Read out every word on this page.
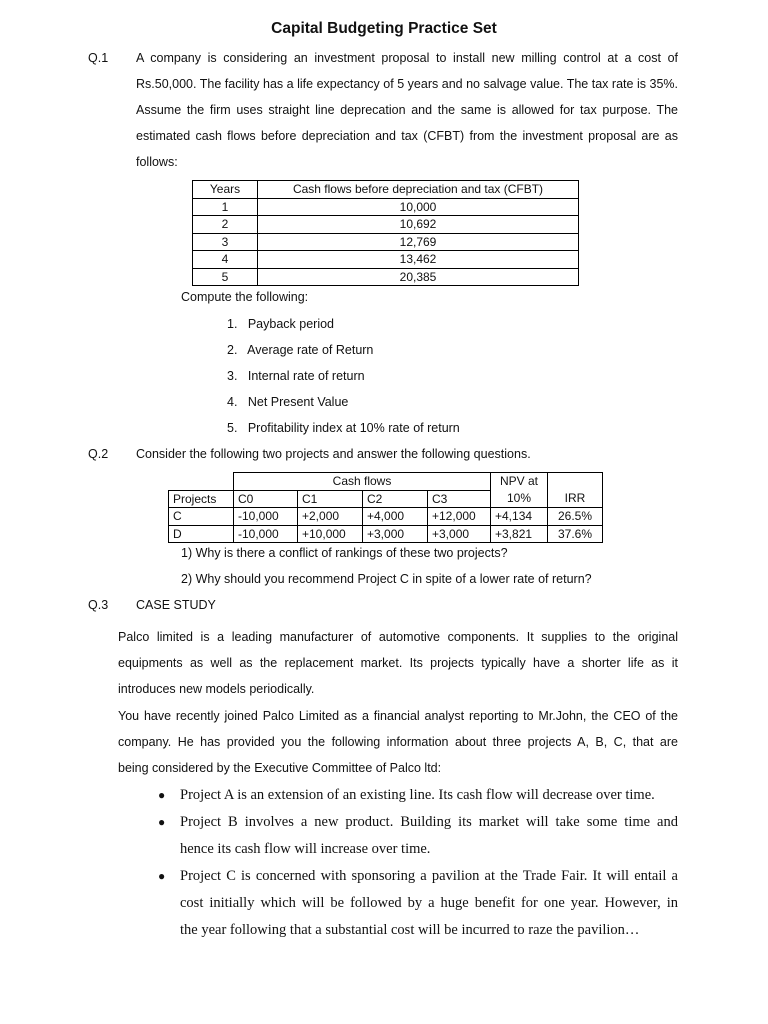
Capital Budgeting Practice Set
Q.1 A company is considering an investment proposal to install new milling control at a cost of
Rs.50,000. The facility has a life expectancy of 5 years and no salvage value. The tax rate is 35%.
Assume the firm uses straight line deprecation and the same is allowed for tax purpose. The
estimated cash flows before depreciation and tax (CFBT) from the investment proposal are as
follows:
Years	Cash flows before depreciation and tax (CFBT)
1	10,000
2	10,692
3	12,769
4	13,462
5	20,385
Compute the following:
1.   Payback period
2.   Average rate of Return
3.   Internal rate of return
4.   Net Present Value
5.   Profitability index at 10% rate of return
Q.2 Consider the following two projects and answer the following questions.
	Cash flows				NPV at	
Projects	C0	C1	C2	C3	10%	IRR
C	-10,000	+2,000	+4,000	+12,000	+4,134	26.5%
D	-10,000	+10,000	+3,000	+3,000	+3,821	37.6%
1) Why is there a conflict of rankings of these two projects?
2) Why should you recommend Project C in spite of a lower rate of return?
Q.3 CASE STUDY
Palco limited is a leading manufacturer of automotive components. It supplies to the original
equipments as well as the replacement market. Its projects typically have a shorter life as it
introduces new models periodically.
You have recently joined Palco Limited as a financial analyst reporting to Mr.John, the CEO of the
company. He has provided you the following information about three projects A, B, C, that are
being considered by the Executive Committee of Palco ltd:
● Project A is an extension of an existing line. Its cash flow will decrease over time.
● Project B involves a new product. Building its market will take some time and
hence its cash flow will increase over time.
● Project C is concerned with sponsoring a pavilion at the Trade Fair. It will entail a
cost initially which will be followed by a huge benefit for one year. However, in
the year following that a substantial cost will be incurred to raze the pavilion…
